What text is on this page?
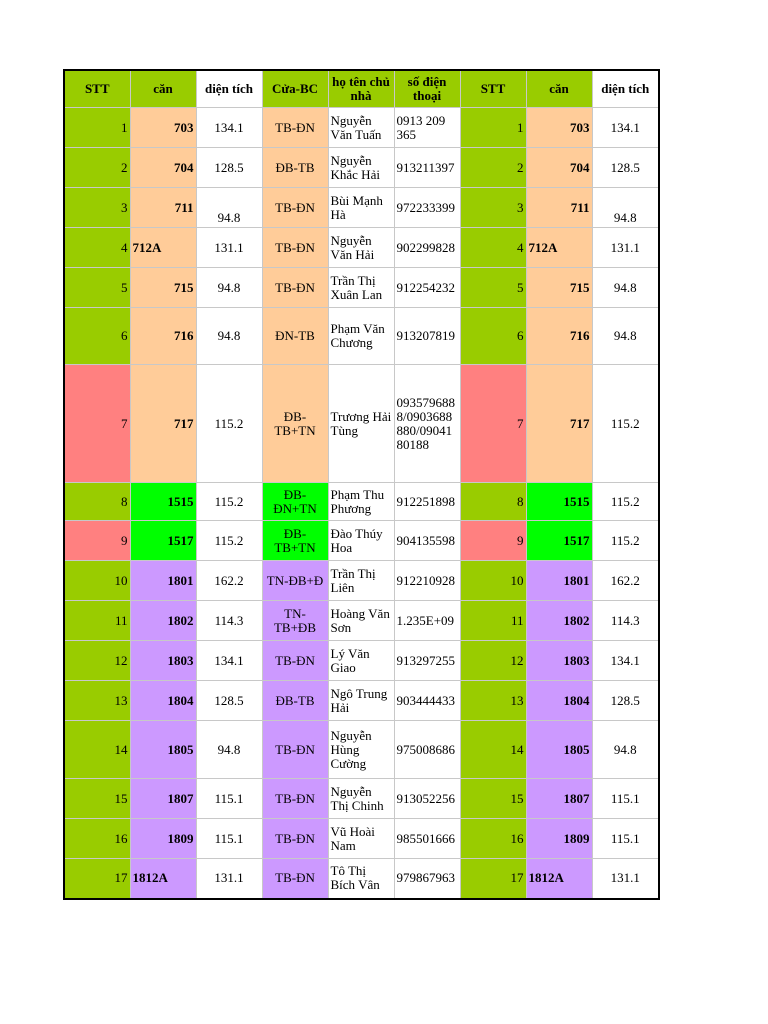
STT	căn	diện tích	Cửa-BC	họ tên chủ nhà	số điện thoại	STT	căn	diện tích
1	703	134.1	TB-ĐN	Nguyễn Văn Tuấn	0913 209 365	1	703	134.1
2	704	128.5	ĐB-TB	Nguyễn Khắc Hải	913211397	2	704	128.5
3	711	94.8	TB-ĐN	Bùi Mạnh Hà	972233399	3	711	94.8
4	712A	131.1	TB-ĐN	Nguyễn Văn Hải	902299828	4	712A	131.1
5	715	94.8	TB-ĐN	Trần Thị Xuân Lan	912254232	5	715	94.8
6	716	94.8	ĐN-TB	Phạm Văn Chương	913207819	6	716	94.8
7	717	115.2	ĐB-TB+TN	Trương Hải Tùng	0935796888/0903688880/0904180188	7	717	115.2
8	1515	115.2	ĐB-ĐN+TN	Phạm Thu Phương	912251898	8	1515	115.2
9	1517	115.2	ĐB-TB+TN	Đào Thúy Hoa	904135598	9	1517	115.2
10	1801	162.2	TN-ĐB+Đ	Trần Thị Liên	912210928	10	1801	162.2
11	1802	114.3	TN-TB+ĐB	Hoàng Văn Sơn	1.235E+09	11	1802	114.3
12	1803	134.1	TB-ĐN	Lý Văn Giao	913297255	12	1803	134.1
13	1804	128.5	ĐB-TB	Ngô Trung Hải	903444433	13	1804	128.5
14	1805	94.8	TB-ĐN	Nguyễn Hùng Cường	975008686	14	1805	94.8
15	1807	115.1	TB-ĐN	Nguyễn Thị Chinh	913052256	15	1807	115.1
16	1809	115.1	TB-ĐN	Vũ Hoài Nam	985501666	16	1809	115.1
17	1812A	131.1	TB-ĐN	Tô Thị Bích Vân	979867963	17	1812A	131.1
